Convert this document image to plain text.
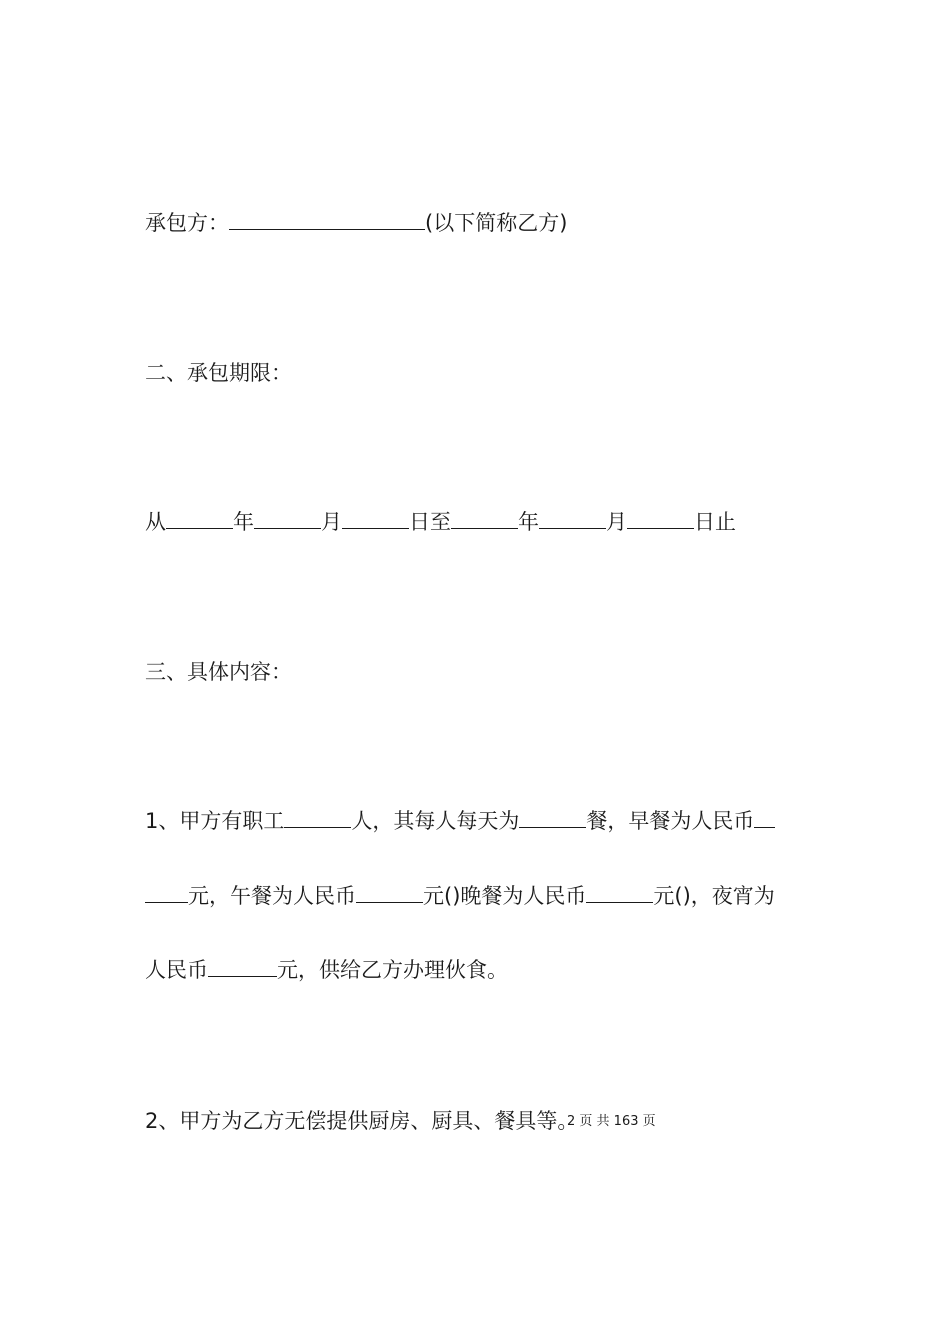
承包方：	(以下简称乙方)

二、承包期限：

从	年	月	日至	年	月	日止

三、具体内容：

1、甲方有职工	人，其每人每天为	餐，早餐为人民币

元，午餐为人民币	元()晚餐为人民币	元()，夜宵为

人民币	元，供给乙方办理伙食。

2、甲方为乙方无偿提供厨房、厨具、餐具等。

2 页 共 163 页
